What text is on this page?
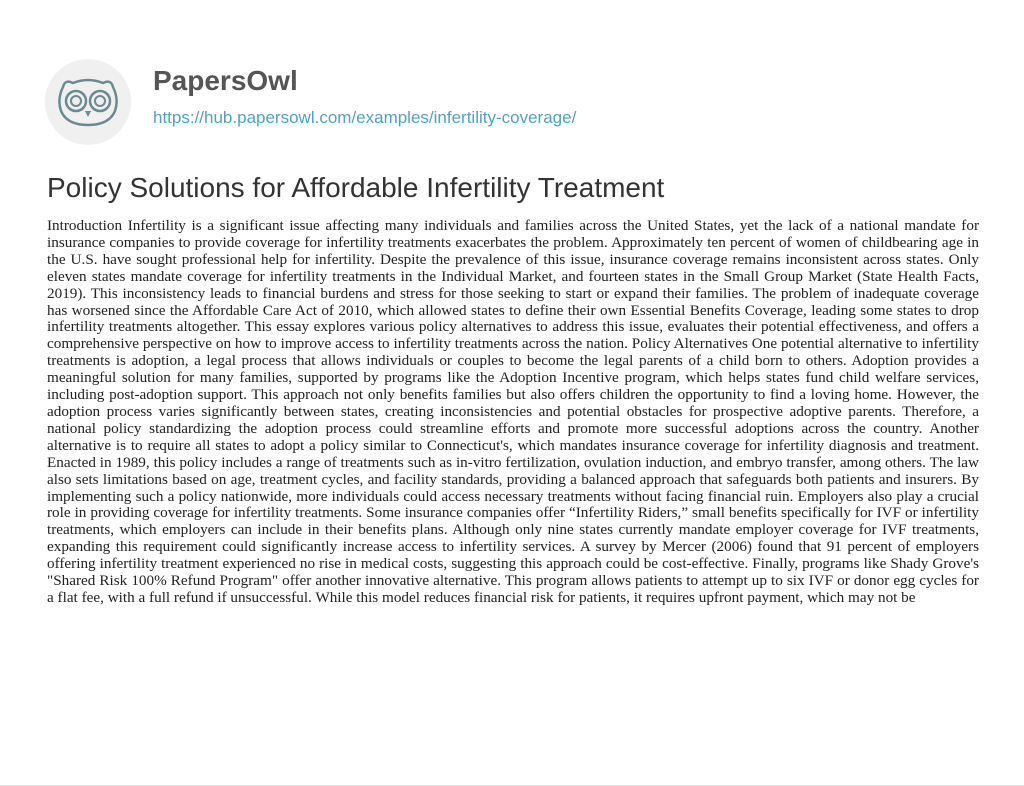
PapersOwl
https://hub.papersowl.com/examples/infertility-coverage/
Policy Solutions for Affordable Infertility Treatment

Introduction Infertility is a significant issue affecting many individuals and families across the United States, yet the lack of a national mandate for insurance companies to provide coverage for infertility treatments exacerbates the problem. Approximately ten percent of women of childbearing age in the U.S. have sought professional help for infertility. Despite the prevalence of this issue, insurance coverage remains inconsistent across states. Only eleven states mandate coverage for infertility treatments in the Individual Market, and fourteen states in the Small Group Market (State Health Facts, 2019). This inconsistency leads to financial burdens and stress for those seeking to start or expand their families. The problem of inadequate coverage has worsened since the Affordable Care Act of 2010, which allowed states to define their own Essential Benefits Coverage, leading some states to drop infertility treatments altogether. This essay explores various policy alternatives to address this issue, evaluates their potential effectiveness, and offers a comprehensive perspective on how to improve access to infertility treatments across the nation. Policy Alternatives One potential alternative to infertility treatments is adoption, a legal process that allows individuals or couples to become the legal parents of a child born to others. Adoption provides a meaningful solution for many families, supported by programs like the Adoption Incentive program, which helps states fund child welfare services, including post-adoption support. This approach not only benefits families but also offers children the opportunity to find a loving home. However, the adoption process varies significantly between states, creating inconsistencies and potential obstacles for prospective adoptive parents. Therefore, a national policy standardizing the adoption process could streamline efforts and promote more successful adoptions across the country. Another alternative is to require all states to adopt a policy similar to Connecticut's, which mandates insurance coverage for infertility diagnosis and treatment. Enacted in 1989, this policy includes a range of treatments such as in-vitro fertilization, ovulation induction, and embryo transfer, among others. The law also sets limitations based on age, treatment cycles, and facility standards, providing a balanced approach that safeguards both patients and insurers. By implementing such a policy nationwide, more individuals could access necessary treatments without facing financial ruin. Employers also play a crucial role in providing coverage for infertility treatments. Some insurance companies offer “Infertility Riders,” small benefits specifically for IVF or infertility treatments, which employers can include in their benefits plans. Although only nine states currently mandate employer coverage for IVF treatments, expanding this requirement could significantly increase access to infertility services. A survey by Mercer (2006) found that 91 percent of employers offering infertility treatment experienced no rise in medical costs, suggesting this approach could be cost-effective. Finally, programs like Shady Grove's "Shared Risk 100% Refund Program" offer another innovative alternative. This program allows patients to attempt up to six IVF or donor egg cycles for a flat fee, with a full refund if unsuccessful. While this model reduces financial risk for patients, it requires upfront payment, which may not be
